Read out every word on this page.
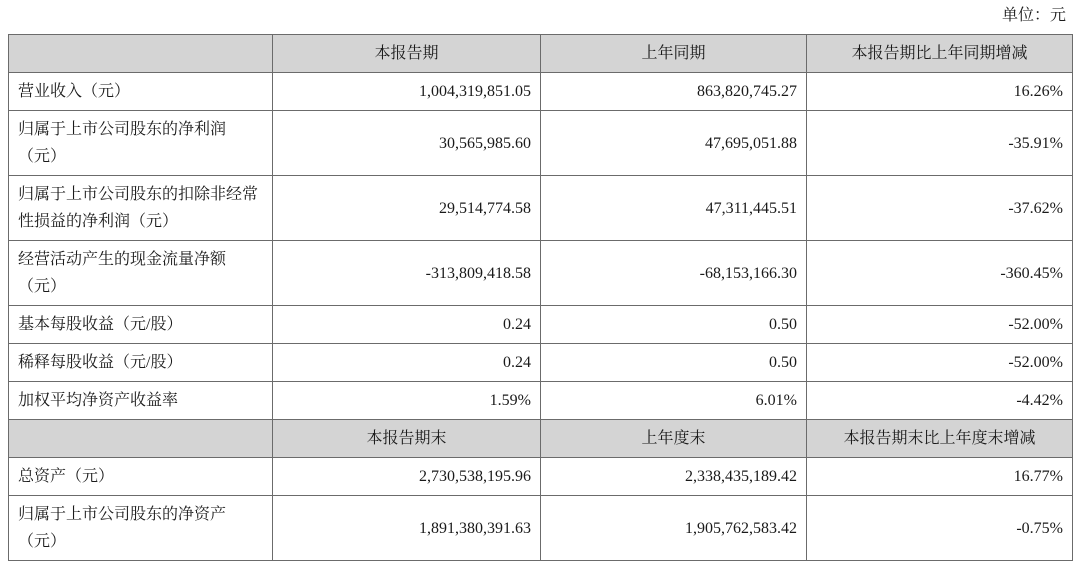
单位：元
	本报告期	上年同期	本报告期比上年同期增减
营业收入（元）	1,004,319,851.05	863,820,745.27	16.26%
归属于上市公司股东的净利润（元）	30,565,985.60	47,695,051.88	-35.91%
归属于上市公司股东的扣除非经常性损益的净利润（元）	29,514,774.58	47,311,445.51	-37.62%
经营活动产生的现金流量净额（元）	-313,809,418.58	-68,153,166.30	-360.45%
基本每股收益（元/股）	0.24	0.50	-52.00%
稀释每股收益（元/股）	0.24	0.50	-52.00%
加权平均净资产收益率	1.59%	6.01%	-4.42%
	本报告期末	上年度末	本报告期末比上年度末增减
总资产（元）	2,730,538,195.96	2,338,435,189.42	16.77%
归属于上市公司股东的净资产（元）	1,891,380,391.63	1,905,762,583.42	-0.75%
